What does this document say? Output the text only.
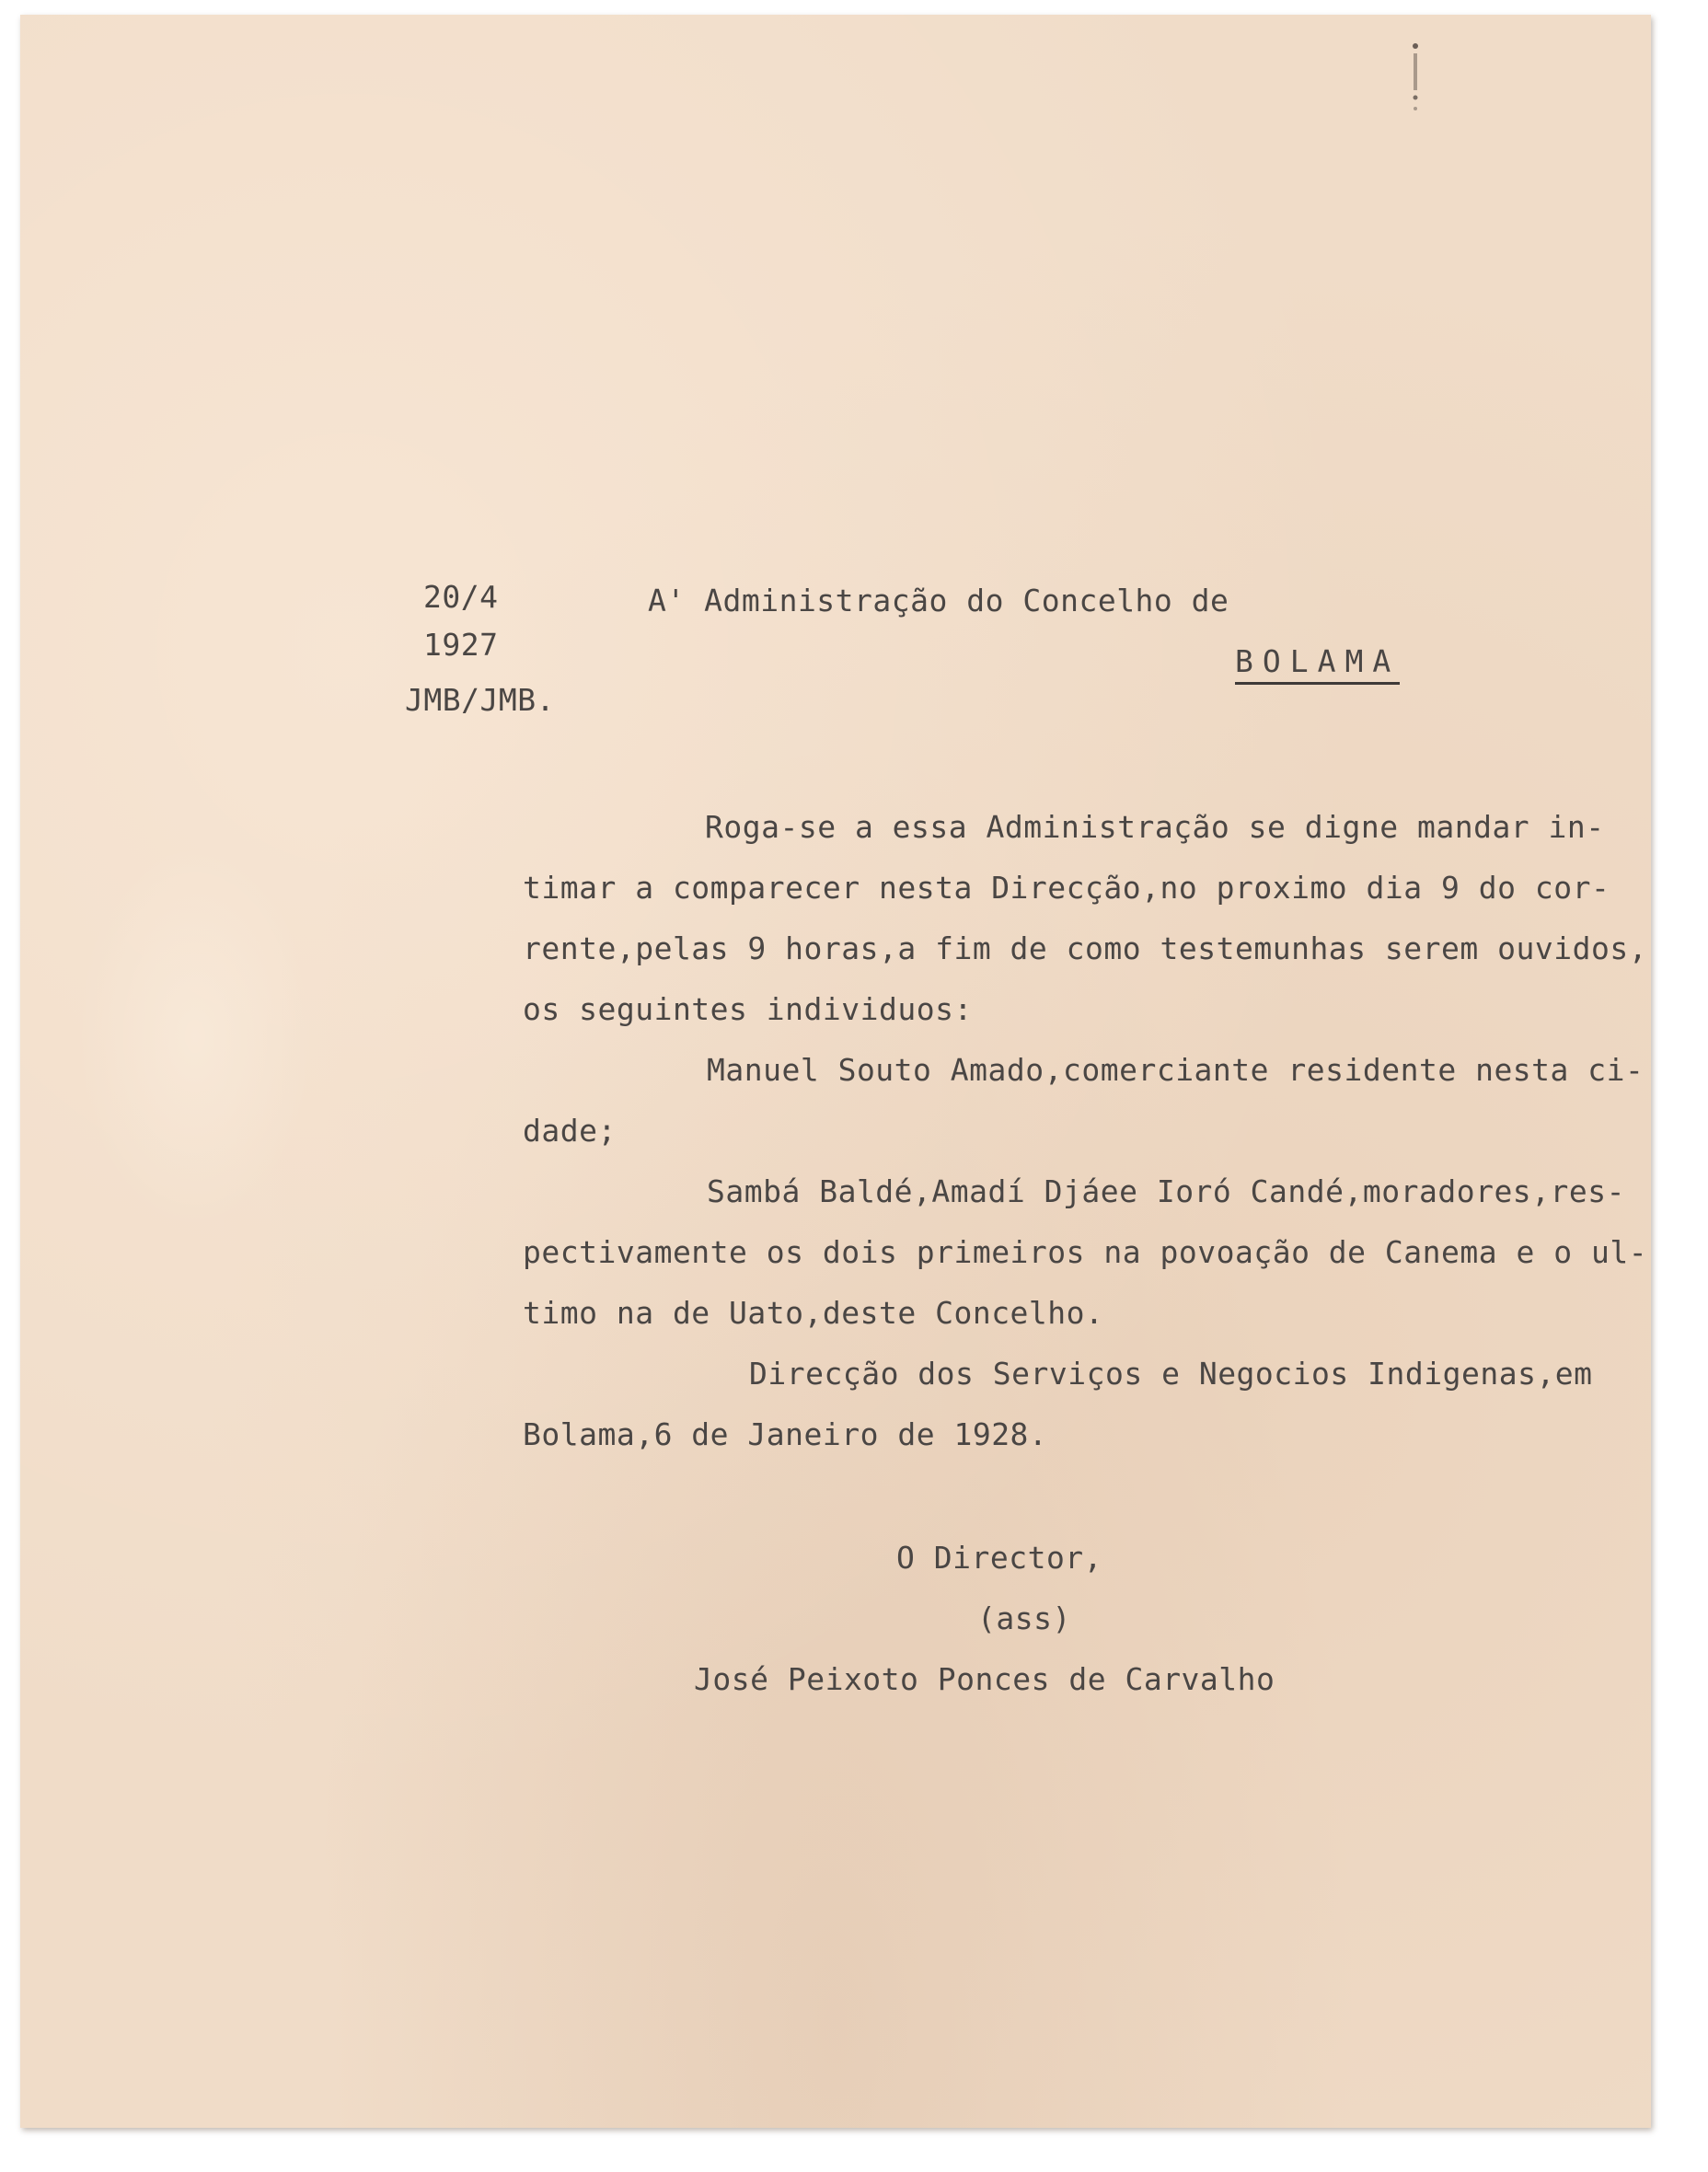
20/4
1927
JMB/JMB.
A' Administração do Concelho de
BOLAMA
Roga-se a essa Administração se digne mandar in-
timar a comparecer nesta Direcção,no proximo dia 9 do cor-
rente,pelas 9 horas,a fim de como testemunhas serem ouvidos,
os seguintes individuos:
Manuel Souto Amado,comerciante residente nesta ci-
dade;
Sambá Baldé,Amadí Djáee Ioró Candé,moradores,res-
pectivamente os dois primeiros na povoação de Canema e o ul-
timo na de Uato,deste Concelho.
Direcção dos Serviços e Negocios Indigenas,em
Bolama,6 de Janeiro de 1928.
O Director,
(ass)
José Peixoto Ponces de Carvalho
